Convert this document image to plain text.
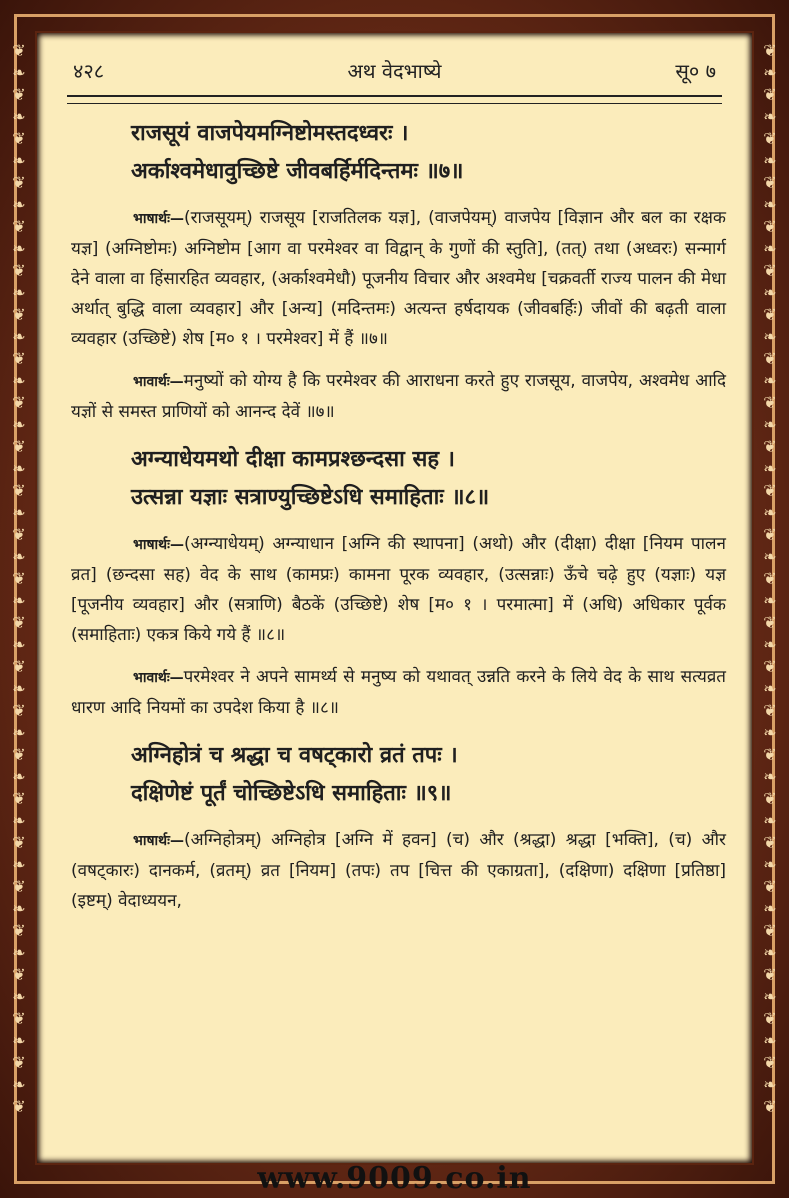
❦
❧
❦
❧
❦
❧
❦
❧
❦
❧
❦
❧
❦
❧
❦
❧
❦
❧
❦
❧
❦
❧
❦
❧
❦
❧
❦
❧
❦
❧
❦
❧
❦
❧
❦
❧
❦
❧
❦
❧
❦
❧
❦
❧
❦
❧
❦
❧
❦
❦
❧
❦
❧
❦
❧
❦
❧
❦
❧
❦
❧
❦
❧
❦
❧
❦
❧
❦
❧
❦
❧
❦
❧
❦
❧
❦
❧
❦
❧
❦
❧
❦
❧
❦
❧
❦
❧
❦
❧
❦
❧
❦
❧
❦
❧
❦
❧
❦
४२८	अथ वेदभाष्ये	सू० ७
राजसूयं वाजपेयमग्निष्टोमस्तदध्वरः ।
अर्काश्वमेधावुच्छिष्टे जीवबर्हिर्मदिन्तमः ॥७॥
भाषार्थः—(राजसूयम्) राजसूय [राजतिलक यज्ञ], (वाजपेयम्) वाजपेय [विज्ञान और बल का रक्षक यज्ञ] (अग्निष्टोमः) अग्निष्टोम [आग वा परमेश्वर वा विद्वान् के गुणों की स्तुति], (तत्) तथा (अध्वरः) सन्मार्ग देने वाला वा हिंसारहित व्यवहार, (अर्काश्वमेधौ) पूजनीय विचार और अश्वमेध [चक्रवर्ती राज्य पालन की मेधा अर्थात् बुद्धि वाला व्यवहार] और [अन्य] (मदिन्तमः) अत्यन्त हर्षदायक (जीवबर्हिः) जीवों की बढ़ती वाला व्यवहार (उच्छिष्टे) शेष [म० १ । परमेश्वर] में हैं ॥७॥
भावार्थः—मनुष्यों को योग्य है कि परमेश्वर की आराधना करते हुए राजसूय, वाजपेय, अश्वमेध आदि यज्ञों से समस्त प्राणियों को आनन्द देवें ॥७॥
अग्न्याधेयमथो दीक्षा कामप्रश्छन्दसा सह ।
उत्सन्ना यज्ञाः सत्राण्युच्छिष्टेऽधि समाहिताः ॥८॥
भाषार्थः—(अग्न्याधेयम्) अग्न्याधान [अग्नि की स्थापना] (अथो) और (दीक्षा) दीक्षा [नियम पालन व्रत] (छन्दसा सह) वेद के साथ (कामप्रः) कामना पूरक व्यवहार, (उत्सन्नाः) ऊँचे चढ़े हुए (यज्ञाः) यज्ञ [पूजनीय व्यवहार] और (सत्राणि) बैठकें (उच्छिष्टे) शेष [म० १ । परमात्मा] में (अधि) अधिकार पूर्वक (समाहिताः) एकत्र किये गये हैं ॥८॥
भावार्थः—परमेश्वर ने अपने सामर्थ्य से मनुष्य को यथावत् उन्नति करने के लिये वेद के साथ सत्यव्रत धारण आदि नियमों का उपदेश किया है ॥८॥
अग्निहोत्रं च श्रद्धा च वषट्कारो व्रतं तपः ।
दक्षिणेष्टं पूर्तं चोच्छिष्टेऽधि समाहिताः ॥९॥
भाषार्थः—(अग्निहोत्रम्) अग्निहोत्र [अग्नि में हवन] (च) और (श्रद्धा) श्रद्धा [भक्ति], (च) और (वषट्कारः) दानकर्म, (व्रतम्) व्रत [नियम] (तपः) तप [चित्त की एकाग्रता], (दक्षिणा) दक्षिणा [प्रतिष्ठा] (इष्टम्) वेदाध्ययन,
www.9009.co.in
